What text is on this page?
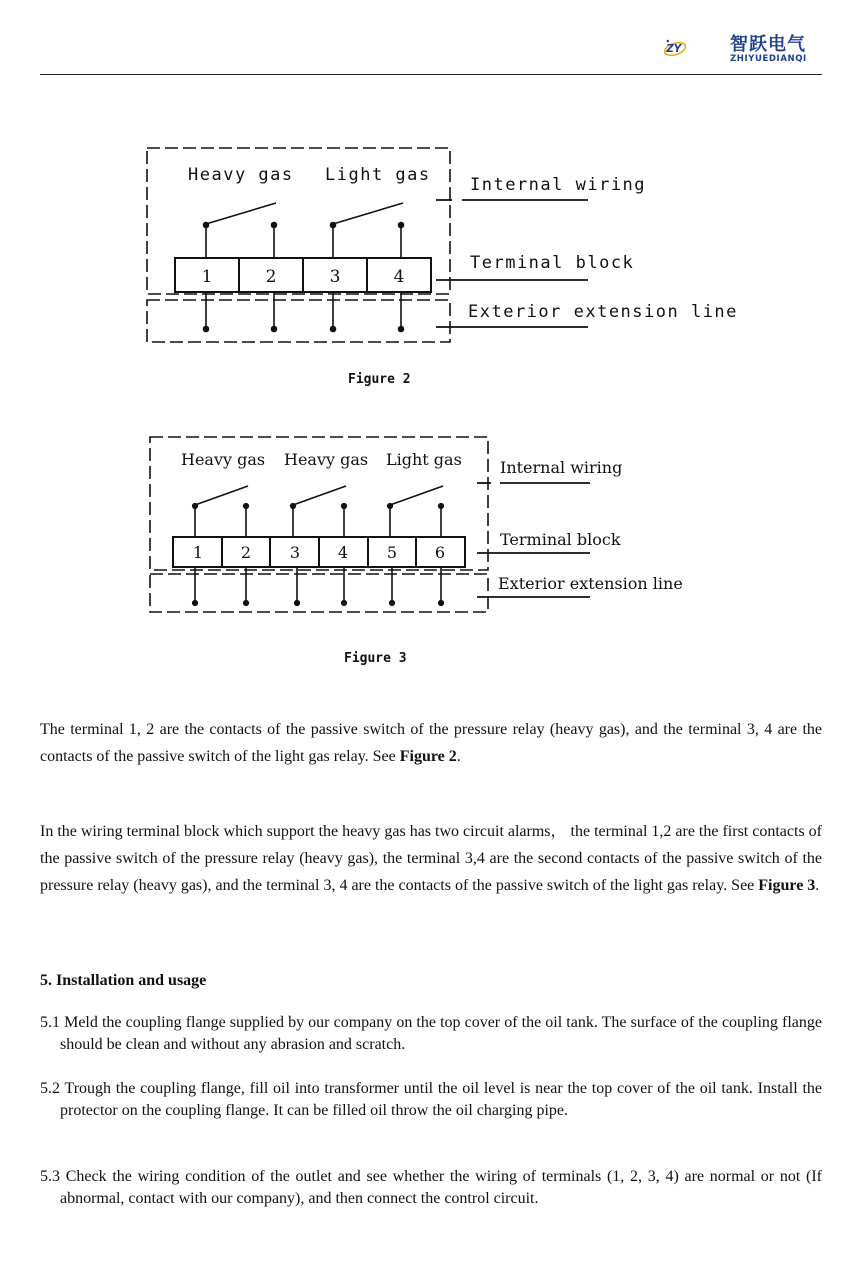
ZY	智跃电气
ZHIYUEDIANQI
Heavy gas Light gas
1	2	3	4
Internal wiring
Terminal block
Exterior extension line
Figure 2
Heavy gas Heavy gas Light gas
1 2 3 4 5 6
Internal wiring
Terminal block
Exterior extension line
Figure 3

The terminal 1, 2 are the contacts of the passive switch of the pressure relay (heavy gas), and the terminal 3, 4 are the contacts of the passive switch of the light gas relay. See Figure 2.

In the wiring terminal block which support the heavy gas has two circuit alarms， the terminal 1,2 are the first contacts of the passive switch of the pressure relay (heavy gas), the terminal 3,4 are the second contacts of the passive switch of the pressure relay (heavy gas), and the terminal 3, 4 are the contacts of the passive switch of the light gas relay. See Figure 3.

5. Installation and usage

5.1 Meld the coupling flange supplied by our company on the top cover of the oil tank. The surface of the coupling flange should be clean and without any abrasion and scratch.

5.2 Trough the coupling flange, fill oil into transformer until the oil level is near the top cover of the oil tank. Install the protector on the coupling flange. It can be filled oil throw the oil charging pipe.

5.3 Check the wiring condition of the outlet and see whether the wiring of terminals (1, 2, 3, 4) are normal or not (If abnormal, contact with our company), and then connect the control circuit.
